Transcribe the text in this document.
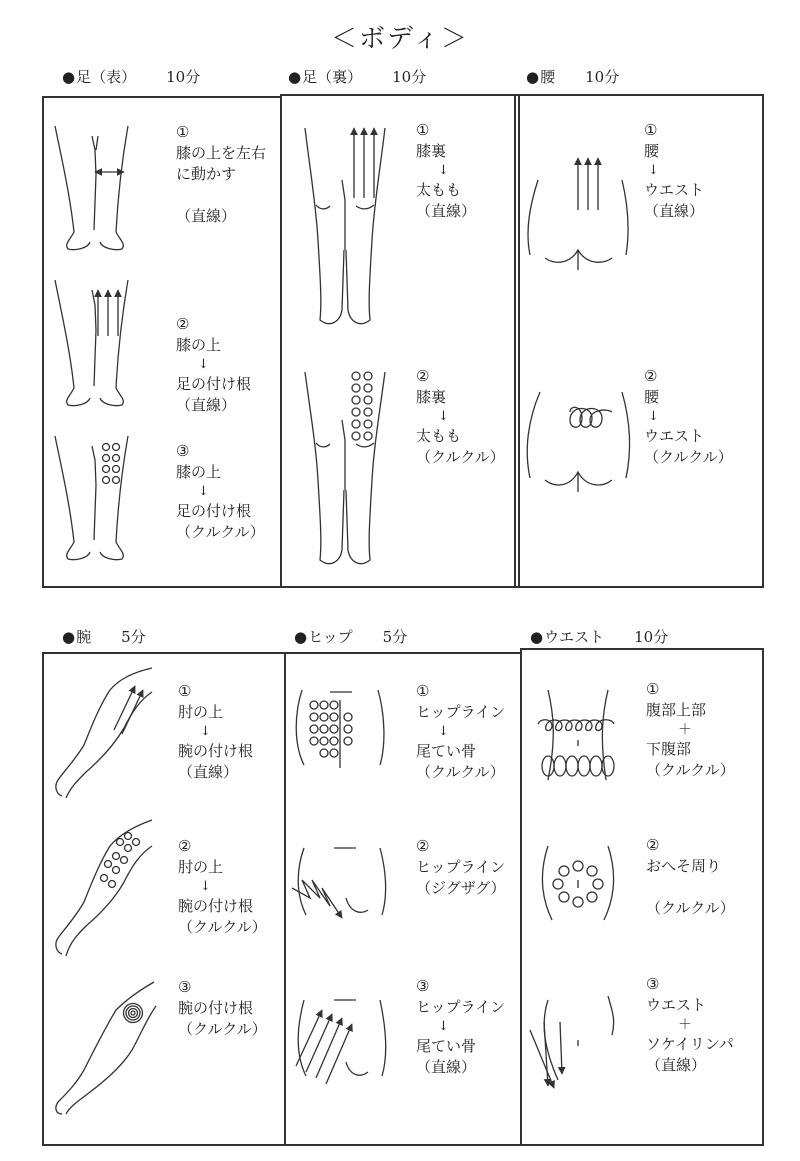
＜ボディ＞
● 足（表） 10分	● 足（裏） 10分	● 腰 10分
● 腕 5分	● ヒップ 5分	● ウエスト 10分
①
膝の上を左右
に動かす
（直線）
②
膝の上
↓
足の付け根
（直線）
③
膝の上
↓
足の付け根
（クルクル）
①
膝裏
↓
太もも
（直線）
②
膝裏
↓
太もも
（クルクル）
①
腰
↓
ウエスト
（直線）
②
腰
↓
ウエスト
（クルクル）
①
肘の上
↓
腕の付け根
（直線）
②
肘の上
↓
腕の付け根
（クルクル）
③
腕の付け根
（クルクル）
①
ヒップライン
↓
尾てい骨
（クルクル）
②
ヒップライン
（ジグザグ）
③
ヒップライン
↓
尾てい骨
（直線）
①
腹部上部
＋
下腹部
（クルクル）
②
おへそ周り
（クルクル）
③
ウエスト
＋
ソケイリンパ
（直線）
